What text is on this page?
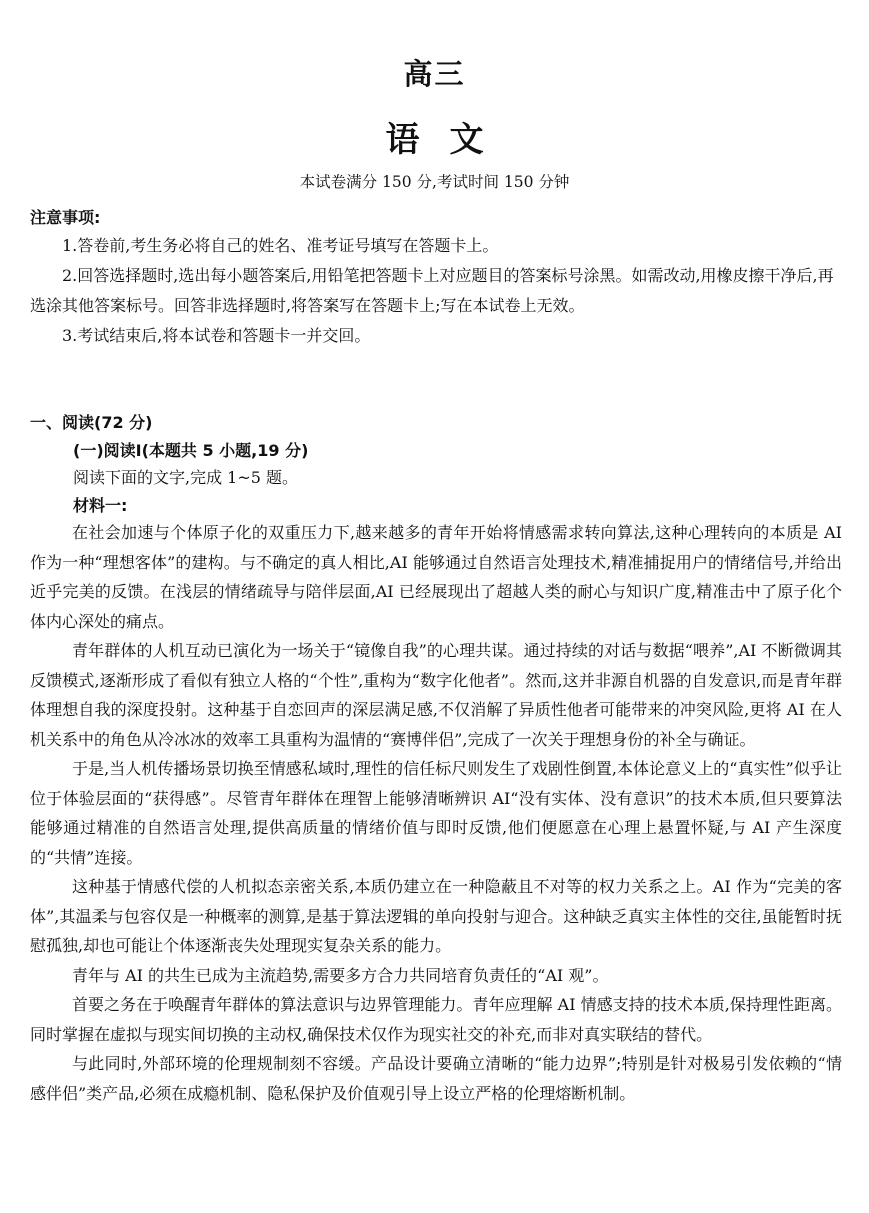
高三
语文
本试卷满分 150 分,考试时间 150 分钟
注意事项:

1.答卷前,考生务必将自己的姓名、准考证号填写在答题卡上。

2.回答选择题时,选出每小题答案后,用铅笔把答题卡上对应题目的答案标号涂黑。如需改动,用橡皮擦干净后,再选涂其他答案标号。回答非选择题时,将答案写在答题卡上;写在本试卷上无效。

3.考试结束后,将本试卷和答题卡一并交回。

一、阅读(72 分)
(一)阅读Ⅰ(本题共 5 小题,19 分)
阅读下面的文字,完成 1~5 题。
材料一:

在社会加速与个体原子化的双重压力下,越来越多的青年开始将情感需求转向算法,这种心理转向的本质是 AI 作为一种“理想客体”的建构。与不确定的真人相比,AI 能够通过自然语言处理技术,精准捕捉用户的情绪信号,并给出近乎完美的反馈。在浅层的情绪疏导与陪伴层面,AI 已经展现出了超越人类的耐心与知识广度,精准击中了原子化个体内心深处的痛点。

青年群体的人机互动已演化为一场关于“镜像自我”的心理共谋。通过持续的对话与数据“喂养”,AI 不断微调其反馈模式,逐渐形成了看似有独立人格的“个性”,重构为“数字化他者”。然而,这并非源自机器的自发意识,而是青年群体理想自我的深度投射。这种基于自恋回声的深层满足感,不仅消解了异质性他者可能带来的冲突风险,更将 AI 在人机关系中的角色从冷冰冰的效率工具重构为温情的“赛博伴侣”,完成了一次关于理想身份的补全与确证。

于是,当人机传播场景切换至情感私域时,理性的信任标尺则发生了戏剧性倒置,本体论意义上的“真实性”似乎让位于体验层面的“获得感”。尽管青年群体在理智上能够清晰辨识 AI“没有实体、没有意识”的技术本质,但只要算法能够通过精准的自然语言处理,提供高质量的情绪价值与即时反馈,他们便愿意在心理上悬置怀疑,与 AI 产生深度的“共情”连接。

这种基于情感代偿的人机拟态亲密关系,本质仍建立在一种隐蔽且不对等的权力关系之上。AI 作为“完美的客体”,其温柔与包容仅是一种概率的测算,是基于算法逻辑的单向投射与迎合。这种缺乏真实主体性的交往,虽能暂时抚慰孤独,却也可能让个体逐渐丧失处理现实复杂关系的能力。

青年与 AI 的共生已成为主流趋势,需要多方合力共同培育负责任的“AI 观”。

首要之务在于唤醒青年群体的算法意识与边界管理能力。青年应理解 AI 情感支持的技术本质,保持理性距离。同时掌握在虚拟与现实间切换的主动权,确保技术仅作为现实社交的补充,而非对真实联结的替代。

与此同时,外部环境的伦理规制刻不容缓。产品设计要确立清晰的“能力边界”;特别是针对极易引发依赖的“情感伴侣”类产品,必须在成瘾机制、隐私保护及价值观引导上设立严格的伦理熔断机制。
